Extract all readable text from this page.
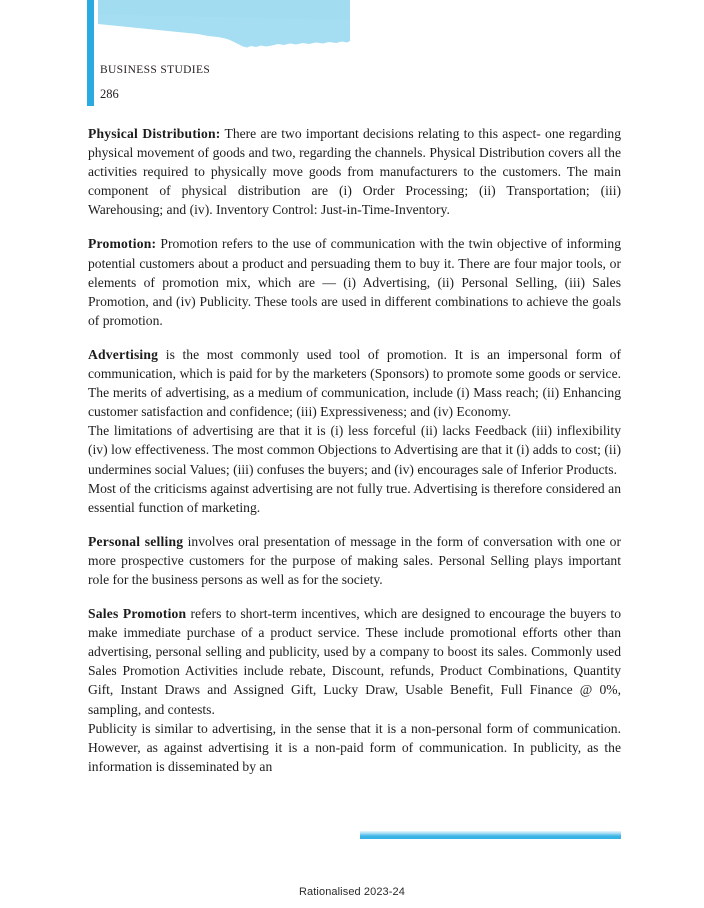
BUSINESS STUDIES
286

Physical Distribution: There are two important decisions relating to this aspect- one regarding physical movement of goods and two, regarding the channels. Physical Distribution covers all the activities required to physically move goods from manufacturers to the customers. The main component of physical distribution are (i) Order Processing; (ii) Transportation; (iii) Warehousing; and (iv). Inventory Control: Just-in-Time-Inventory.

Promotion: Promotion refers to the use of communication with the twin objective of informing potential customers about a product and persuading them to buy it. There are four major tools, or elements of promotion mix, which are — (i) Advertising, (ii) Personal Selling, (iii) Sales Promotion, and (iv) Publicity. These tools are used in different combinations to achieve the goals of promotion.

Advertising is the most commonly used tool of promotion. It is an impersonal form of communication, which is paid for by the marketers (Sponsors) to promote some goods or service. The merits of advertising, as a medium of communication, include (i) Mass reach; (ii) Enhancing customer satisfaction and confidence; (iii) Expressiveness; and (iv) Economy.

The limitations of advertising are that it is (i) less forceful (ii) lacks Feedback (iii) inflexibility (iv) low effectiveness. The most common Objections to Advertising are that it (i) adds to cost; (ii) undermines social Values; (iii) confuses the buyers; and (iv) encourages sale of Inferior Products.

Most of the criticisms against advertising are not fully true. Advertising is therefore considered an essential function of marketing.

Personal selling involves oral presentation of message in the form of conversation with one or more prospective customers for the purpose of making sales. Personal Selling plays important role for the business persons as well as for the society.

Sales Promotion refers to short-term incentives, which are designed to encourage the buyers to make immediate purchase of a product service. These include promotional efforts other than advertising, personal selling and publicity, used by a company to boost its sales. Commonly used Sales Promotion Activities include rebate, Discount, refunds, Product Combinations, Quantity Gift, Instant Draws and Assigned Gift, Lucky Draw, Usable Benefit, Full Finance @ 0%, sampling, and contests.

Publicity is similar to advertising, in the sense that it is a non-personal form of communication. However, as against advertising it is a non-paid form of communication. In publicity, as the information is disseminated by an

Rationalised 2023-24
